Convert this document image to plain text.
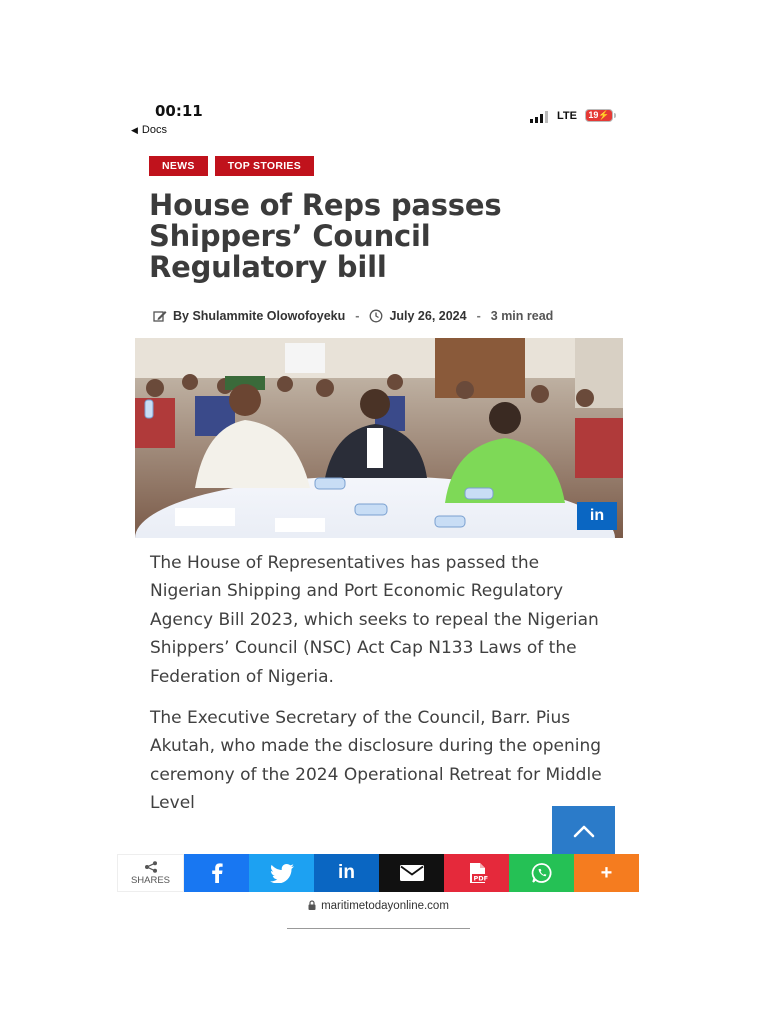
00:11
◀ Docs
LTE	19⚡
NEWS	TOP STORIES
House of Reps passes Shippers’ Council Regulatory bill
By Shulammite Olowofoyeku - July 26, 2024 - 3 min read
in

The House of Representatives has passed the Nigerian Shipping and Port Economic Regulatory Agency Bill 2023, which seeks to repeal the Nigerian Shippers’ Council (NSC) Act Cap N133 Laws of the Federation of Nigeria.

The Executive Secretary of the Council, Barr. Pius Akutah, who made the disclosure during the opening ceremony of the 2024 Operational Retreat for Middle Level

SHARES	in	PDF	+
maritimetodayonline.com
